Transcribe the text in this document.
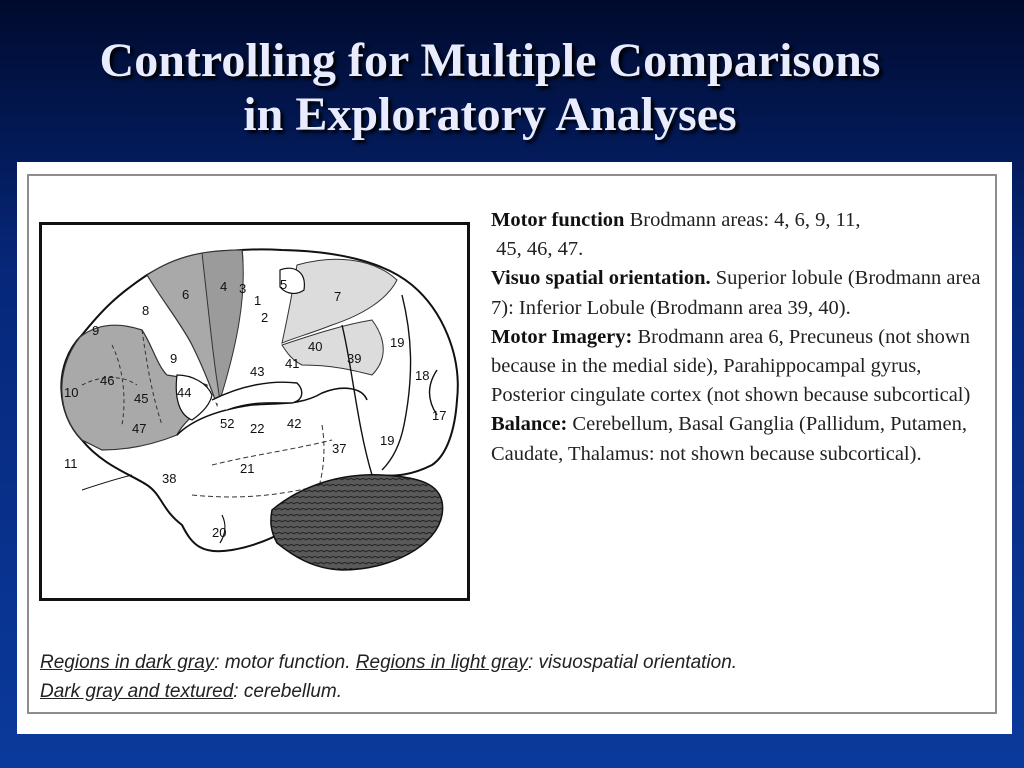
Controlling for Multiple Comparisons
in Exploratory Analyses
6
4 3
1
2
5
7
8
9
9
10
46
45
47
44
11
43
41
40
39
19
18
17
19
52 22 42
37
21
38
20

Motor function Brodmann areas: 4, 6, 9, 11,
45, 46, 47.

Visuo spatial orientation. Superior lobule (Brodmann area 7): Inferior Lobule (Brodmann area 39, 40).

Motor Imagery: Brodmann area 6, Precuneus (not shown because in the medial side), Parahippocampal gyrus, Posterior cingulate cortex (not shown because subcortical)

Balance: Cerebellum, Basal Ganglia (Pallidum, Putamen, Caudate, Thalamus: not shown because subcortical).

Regions in dark gray: motor function. Regions in light gray: visuospatial orientation.
Dark gray and textured: cerebellum.
